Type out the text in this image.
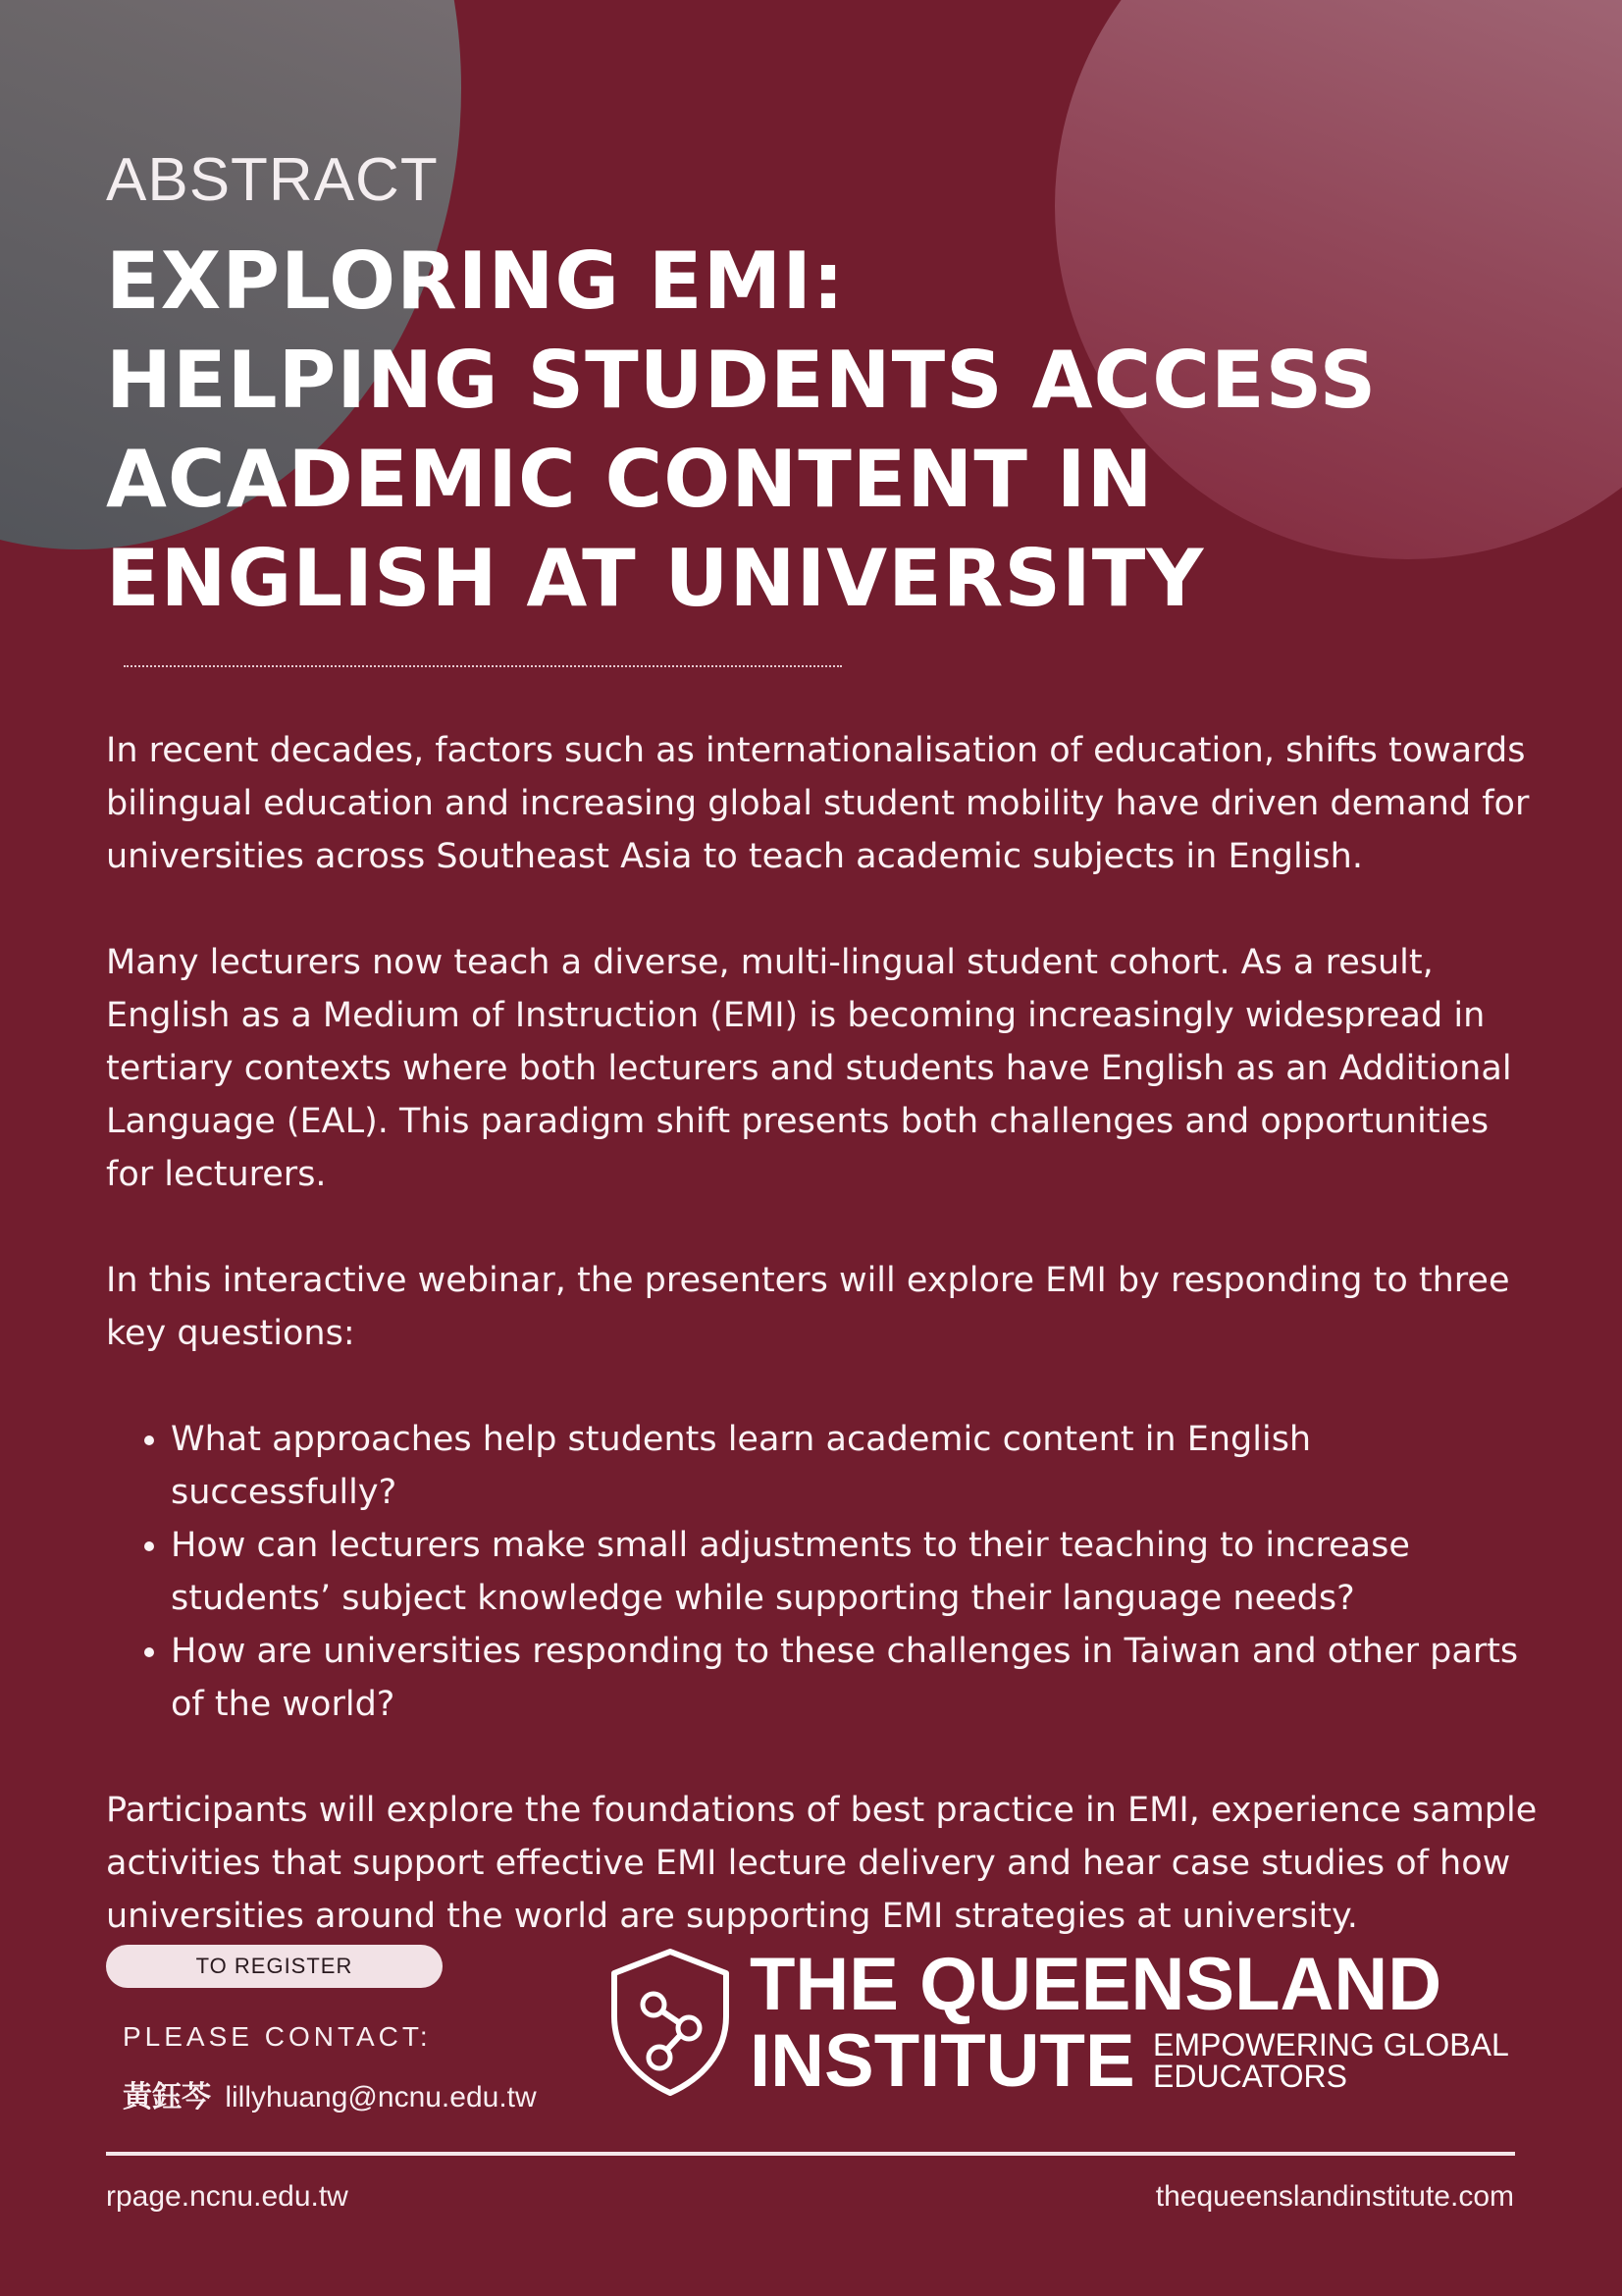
ABSTRACT
EXPLORING EMI:
HELPING STUDENTS ACCESS
ACADEMIC CONTENT IN
ENGLISH AT UNIVERSITY

In recent decades, factors such as internationalisation of education, shifts towards bilingual education and increasing global student mobility have driven demand for universities across Southeast Asia to teach academic subjects in English.

Many lecturers now teach a diverse, multi-lingual student cohort. As a result, English as a Medium of Instruction (EMI) is becoming increasingly widespread in tertiary contexts where both lecturers and students have English as an Additional Language (EAL). This paradigm shift presents both challenges and opportunities for lecturers.

In this interactive webinar, the presenters will explore EMI by responding to three key questions:

• What approaches help students learn academic content in English successfully?
• How can lecturers make small adjustments to their teaching to increase students’ subject knowledge while supporting their language needs?
• How are universities responding to these challenges in Taiwan and other parts of the world?

Participants will explore the foundations of best practice in EMI, experience sample activities that support effective EMI lecture delivery and hear case studies of how universities around the world are supporting EMI strategies at university.

TO REGISTER
PLEASE CONTACT:
黃鈺芩 lillyhuang@ncnu.edu.tw
THE QUEENSLAND
INSTITUTE EMPOWERING GLOBAL
EDUCATORS
rpage.ncnu.edu.tw	thequeenslandinstitute.com
